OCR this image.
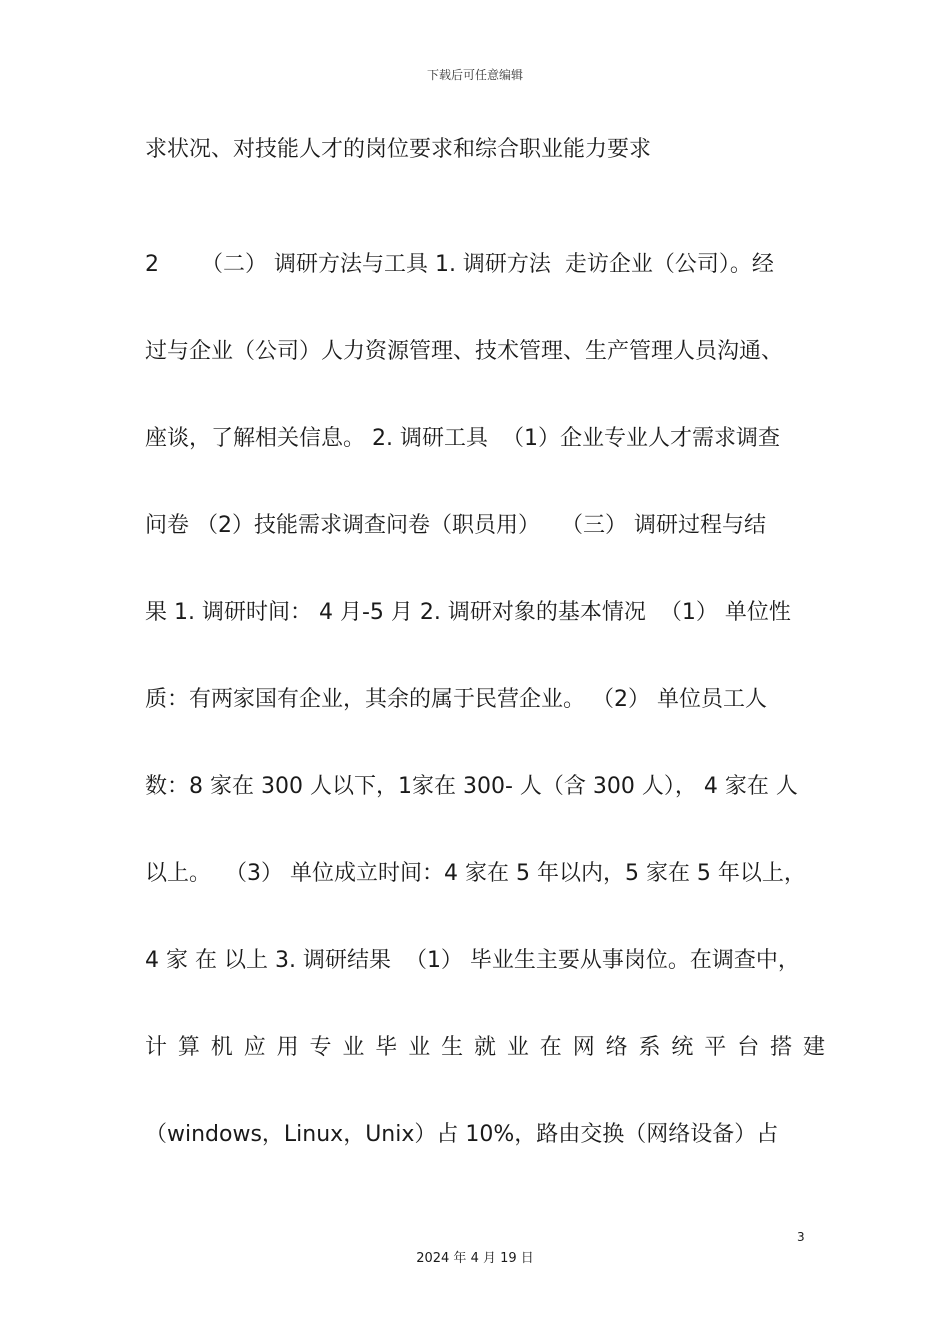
下载后可任意编辑
求状况、对技能人才的岗位要求和综合职业能力要求
2      （二） 调研方法与工具 1. 调研方法  走访企业（公司）。经
过与企业（公司）人力资源管理、技术管理、生产管理人员沟通、
座谈，了解相关信息。 2. 调研工具  （1）企业专业人才需求调查
问卷 （2）技能需求调查问卷（职员用）   （三） 调研过程与结
果 1. 调研时间： 4 月-5 月 2. 调研对象的基本情况  （1） 单位性
质：有两家国有企业，其余的属于民营企业。 （2） 单位员工人
数：8 家在 300 人以下，1家在 300- 人（含 300 人）， 4 家在 人
以上。  （3） 单位成立时间：4 家在 5 年以内，5 家在 5 年以上，
4 家 在 以上 3. 调研结果  （1） 毕业生主要从事岗位。在调查中，
计 算 机 应 用 专 业 毕 业 生 就 业 在 网 络 系 统 平 台 搭 建
（windows，Linux，Unix）占 10%，路由交换（网络设备）占
3
2024 年 4 月 19 日
